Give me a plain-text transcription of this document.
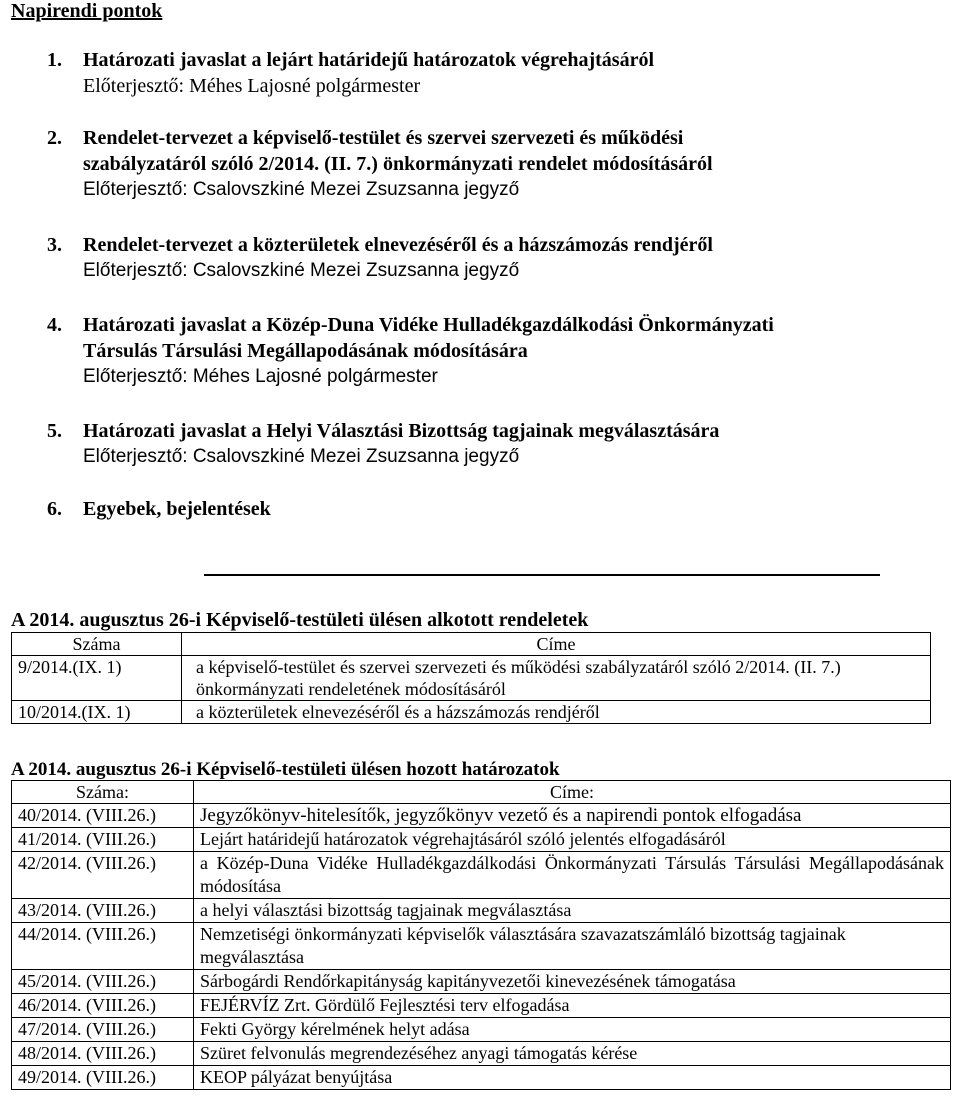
Napirendi pontok
1. Határozati javaslat a lejárt határidejű határozatok végrehajtásáról
Előterjesztő: Méhes Lajosné polgármester
2. Rendelet-tervezet a képviselő-testület és szervei szervezeti és működési
szabályzatáról szóló 2/2014. (II. 7.) önkormányzati rendelet módosításáról
Előterjesztő: Csalovszkiné Mezei Zsuzsanna jegyző
3. Rendelet-tervezet a közterületek elnevezéséről és a házszámozás rendjéről
Előterjesztő: Csalovszkiné Mezei Zsuzsanna jegyző
4. Határozati javaslat a Közép-Duna Vidéke Hulladékgazdálkodási Önkormányzati
Társulás Társulási Megállapodásának módosítására
Előterjesztő: Méhes Lajosné polgármester
5. Határozati javaslat a Helyi Választási Bizottság tagjainak megválasztására
Előterjesztő: Csalovszkiné Mezei Zsuzsanna jegyző
6. Egyebek, bejelentések
A 2014. augusztus 26-i Képviselő-testületi ülésen alkotott rendeletek
Száma	Címe
9/2014.(IX. 1)	a képviselő-testület és szervei szervezeti és működési szabályzatáról szóló 2/2014. (II. 7.) önkormányzati rendeletének módosításáról
10/2014.(IX. 1)	a közterületek elnevezéséről és a házszámozás rendjéről
A 2014. augusztus 26-i Képviselő-testületi ülésen hozott határozatok
Száma:	Címe:
40/2014. (VIII.26.)	Jegyzőkönyv-hitelesítők, jegyzőkönyv vezető és a napirendi pontok elfogadása
41/2014. (VIII.26.)	Lejárt határidejű határozatok végrehajtásáról szóló jelentés elfogadásáról
42/2014. (VIII.26.)	a Közép-Duna Vidéke Hulladékgazdálkodási Önkormányzati Társulás Társulási Megállapodásának módosítása
43/2014. (VIII.26.)	a helyi választási bizottság tagjainak megválasztása
44/2014. (VIII.26.)	Nemzetiségi önkormányzati képviselők választására szavazatszámláló bizottság tagjainak megválasztása
45/2014. (VIII.26.)	Sárbogárdi Rendőrkapitányság kapitányvezetői kinevezésének támogatása
46/2014. (VIII.26.)	FEJÉRVÍZ Zrt. Gördülő Fejlesztési terv elfogadása
47/2014. (VIII.26.)	Fekti György kérelmének helyt adása
48/2014. (VIII.26.)	Szüret felvonulás megrendezéséhez anyagi támogatás kérése
49/2014. (VIII.26.)	KEOP pályázat benyújtása
